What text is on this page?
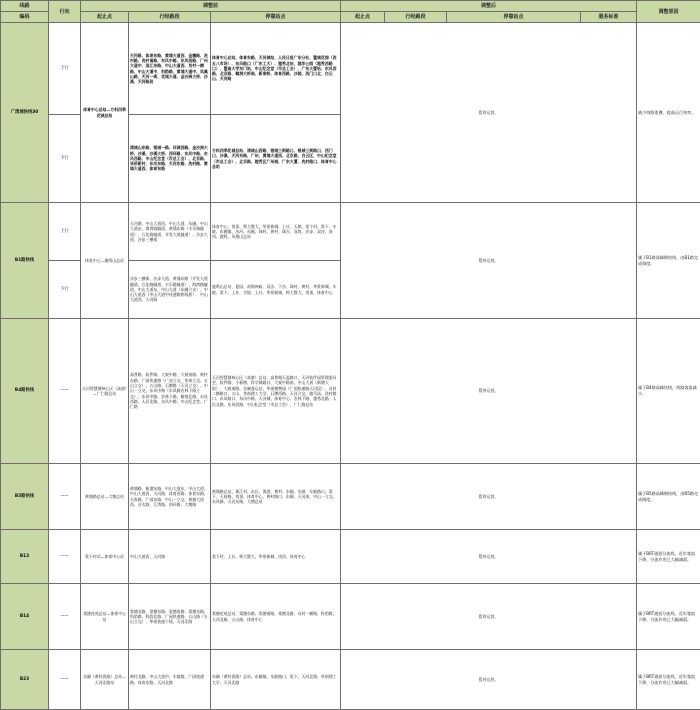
线路	行向	调整前			调整后				调整原因
编码		起止点	行经路段	停靠站点	起止点	行经路段	停靠站点	服务标准	
广清城快线30	上行	体育中心总站—万科四季花城总站	天河路、体育东路、黄埔大道西、金穗路、冼村路、冼村南路、东风中路、东风西路、广州大道中、滨江东路、中山大道西、员村一横路、中山大道中、科韵路、黄埔大道中、凤凰山路、天河一街、花城大道、金沙洲大桥、沙溪、天河路段	体育中心总站、体育东路、天河城站、人民日报广东分社、暨城花园（西五八市场）、东风路口（广东工大）、越秀北站、越华公园（越秀西路口）、暨南大学东门站、中山纪念堂（市总工会）、广东大厦站、东风西路、北京路、鹤洞大桥南、新泰桥、体育西路、沙园、西门口北、白云山、天河路	暂停运营。				减少线路重叠，提高运行效率。
	下行		清城山东路、银城一路、环城西路、金沙洲大桥、沙溪、沙溪大桥、西环路、东风中路、东风西路、中山纪念堂（市总工会）、北京路、华侨新村、东风东路、天河东路、冼村路、黄埔大道西、体育东路	万科四季花城总站、清城山西路、银城三街路口、银城三街路口、西门口、沙溪、天河东路、广州、黄埔大道西、北京路、白云区、中山纪念堂（市总工会）、北京路、越秀区广州城、广东大厦、冼村路口、体育中心总站					
B1路快线	上行	体育中心—鹿鸣山总站	天河路、中山大道西、中山大道、东圃、中山大道东、海湾路隧道、黄埔东路（丰乐路隧道）、石化路隧道、开发大道隧道）、沙步大道、沙步三横街	体育中心、岗顶、师大暨大、华景新城、上社、天朗、棠下村、棠下、车陂、东圃镇、沙河、东圃、珠村、黄村、珠吉、双岗、沙步、双沙、南岗、鹿鸣、凤凰山总站	暂停运营。				属于B1路高峰期快线，由B1路完成调度。
	下行		沙步三横街、沙步大道、黄埔东路（开发大道隧道、石化路隧道、丰乐路隧道）、海湾路隧道、中山大道东、中山大道（东圃立交）、中山大道西（中山大道中快速路跨线桥）、中山大道西、天河路	鹿鸣山总站、夏园、南海神庙、双沙、下沙、珠村、黄村、华景新城、车陂、棠下、上社、学院、上社、华景新城、师大暨大、岗顶、体育中心					
B4路快线	——	天河智慧城核心区（高唐）—广仁路总站	高普路、软件路、大观中路、大观南路、黄村东路、广园快速路（广汕立交、华南立交、五山立交）、五山路、石牌路（天河立交）、中山一立交、东风中路（东风路农林下路立交）、东风中路、农林下路、解放北路、东风西路、人民北路、东风中路、中山纪念堂、广仁路	天河智慧城核心区（高唐）总站、高普路天盈路口、天河软件园管理委员会、软件路、小新塘、科学城路口、大观中路南、中山大道（新塘大街）、大观南路、东圃客运站、华南植物园（广园快速路天河段）、员村二横路口、五山、华南理工大学、石牌西路、天河立交、跑马场、冼村路口、东风路口、东风中路、天河城、体育中心、农林下路、越秀北路、人民北路、东风西路、中山纪念堂（市总工会）、广仁路总站	暂停运营。				属于B4路高峰快线，线路客流减少。
B5路快线	——	黄埔路总站—大塘总站	黄埔路、新港东路、中山大道东、中山大道、中山大道西、天河路、体育西路、体育东路、天府路、广园东路、中山一立交、黄埔大道西、沙太路、江湾路、南环路、大塘路	黄埔路总站、珠江村、东区、海滨、黄村、东圃、车陂、车陂路口、棠下、天府路、岗顶、体育中心、黄村路口、东圃、天河南、中山一立交、东风路、天河东路、大塘总站	暂停运营。				属于B5路高峰期快线，由B5路完成调度。
B13	——	棠下村站—体育中心站	中山大道西、天河路	棠下村、上社、师大暨大、华景新城、岗顶、体育中心	暂停运营。				属于BRT通道分流线，近年客流下降，分流作用已大幅减弱。
B14	——	棠德花苑总站—体育中心站	棠德北路、棠德东路、棠德南路、棠德东路、科韵路、科韵北路、广园快速路、五山路（五山立交）、华南快速干线、天河北路	棠德花苑总站、棠德东路、棠德南路、棠德北路、员村一横路、科韵路、天河北路、五山路、体育中心	暂停运营。				属于BRT通道分流线，近年客流下降，分流作用已大幅减弱。
B23	——	东圃（黄村西路）总站—天河北路站	黄村北路、中山大道中、车陂路、广园快速路、体育东路、天河北路	东圃（黄村西路）总站、东圃镇、车陂路口、棠下、天河北路、华南理工大学、天河北路	暂停运营。				属于BRT通道分流线，近年客流下降，分流作用已大幅减弱。
